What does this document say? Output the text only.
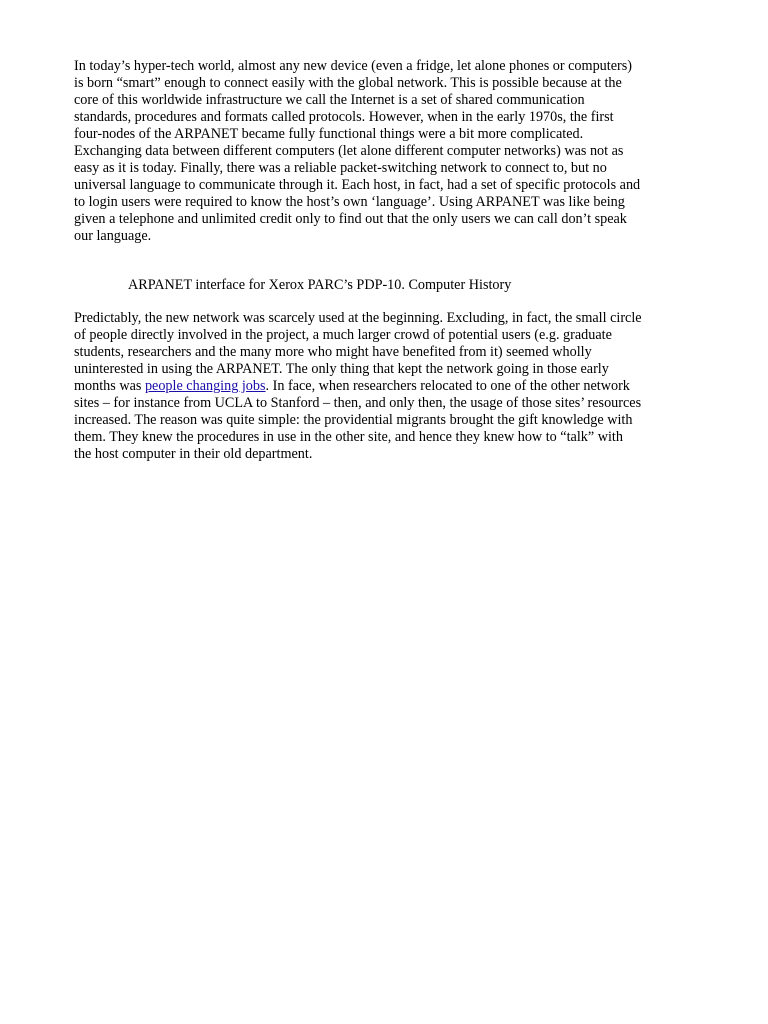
In today’s hyper-tech world, almost any new device (even a fridge, let alone phones or computers)
is born “smart” enough to connect easily with the global network. This is possible because at the
core of this worldwide infrastructure we call the Internet is a set of shared communication
standards, procedures and formats called protocols. However, when in the early 1970s, the first
four-nodes of the ARPANET became fully functional things were a bit more complicated.
Exchanging data between different computers (let alone different computer networks) was not as
easy as it is today. Finally, there was a reliable packet-switching network to connect to, but no
universal language to communicate through it. Each host, in fact, had a set of specific protocols and
to login users were required to know the host’s own ‘language’. Using ARPANET was like being
given a telephone and unlimited credit only to find out that the only users we can call don’t speak
our language.

ARPANET interface for Xerox PARC’s PDP-10. Computer History

Predictably, the new network was scarcely used at the beginning. Excluding, in fact, the small circle
of people directly involved in the project, a much larger crowd of potential users (e.g. graduate
students, researchers and the many more who might have benefited from it) seemed wholly
uninterested in using the ARPANET. The only thing that kept the network going in those early
months was people changing jobs. In face, when researchers relocated to one of the other network
sites – for instance from UCLA to Stanford – then, and only then, the usage of those sites’ resources
increased. The reason was quite simple: the providential migrants brought the gift knowledge with
them. They knew the procedures in use in the other site, and hence they knew how to “talk” with
the host computer in their old department.
